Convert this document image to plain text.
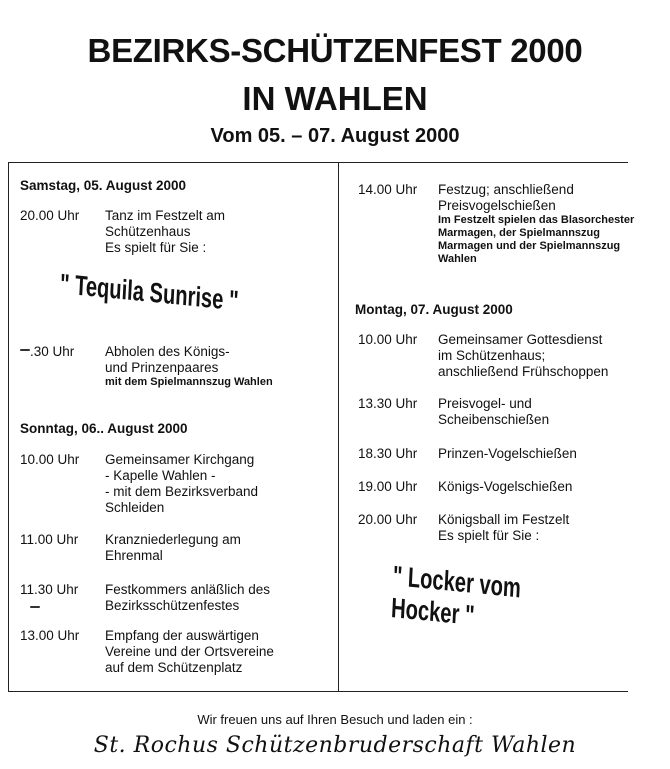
BEZIRKS-SCHÜTZENFEST 2000
IN WAHLEN
Vom 05. – 07. August 2000
Samstag, 05. August 2000
20.00 Uhr Tanz im Festzelt am
Schützenhaus
Es spielt für Sie :
" Tequila Sunrise "
.30 Uhr Abholen des Königs-
und Prinzenpaares
mit dem Spielmannszug Wahlen
Sonntag, 06.. August 2000
10.00 Uhr Gemeinsamer Kirchgang
- Kapelle Wahlen -
- mit dem Bezirksverband
Schleiden
11.00 Uhr Kranzniederlegung am
Ehrenmal
11.30 Uhr Festkommers anläßlich des
Bezirksschützenfestes
13.00 Uhr Empfang der auswärtigen
Vereine und der Ortsvereine
auf dem Schützenplatz
14.00 Uhr Festzug; anschließend
Preisvogelschießen
Im Festzelt spielen das Blasorchester
Marmagen, der Spielmannszug
Marmagen und der Spielmannszug
Wahlen
Montag, 07. August 2000
10.00 Uhr Gemeinsamer Gottesdienst
im Schützenhaus;
anschließend Frühschoppen
13.30 Uhr Preisvogel- und
Scheibenschießen
18.30 Uhr Prinzen-Vogelschießen
19.00 Uhr Königs-Vogelschießen
20.00 Uhr Königsball im Festzelt
Es spielt für Sie :
" Locker vom Hocker "
Wir freuen uns auf Ihren Besuch und laden ein :
St. Rochus Schützenbruderschaft Wahlen
